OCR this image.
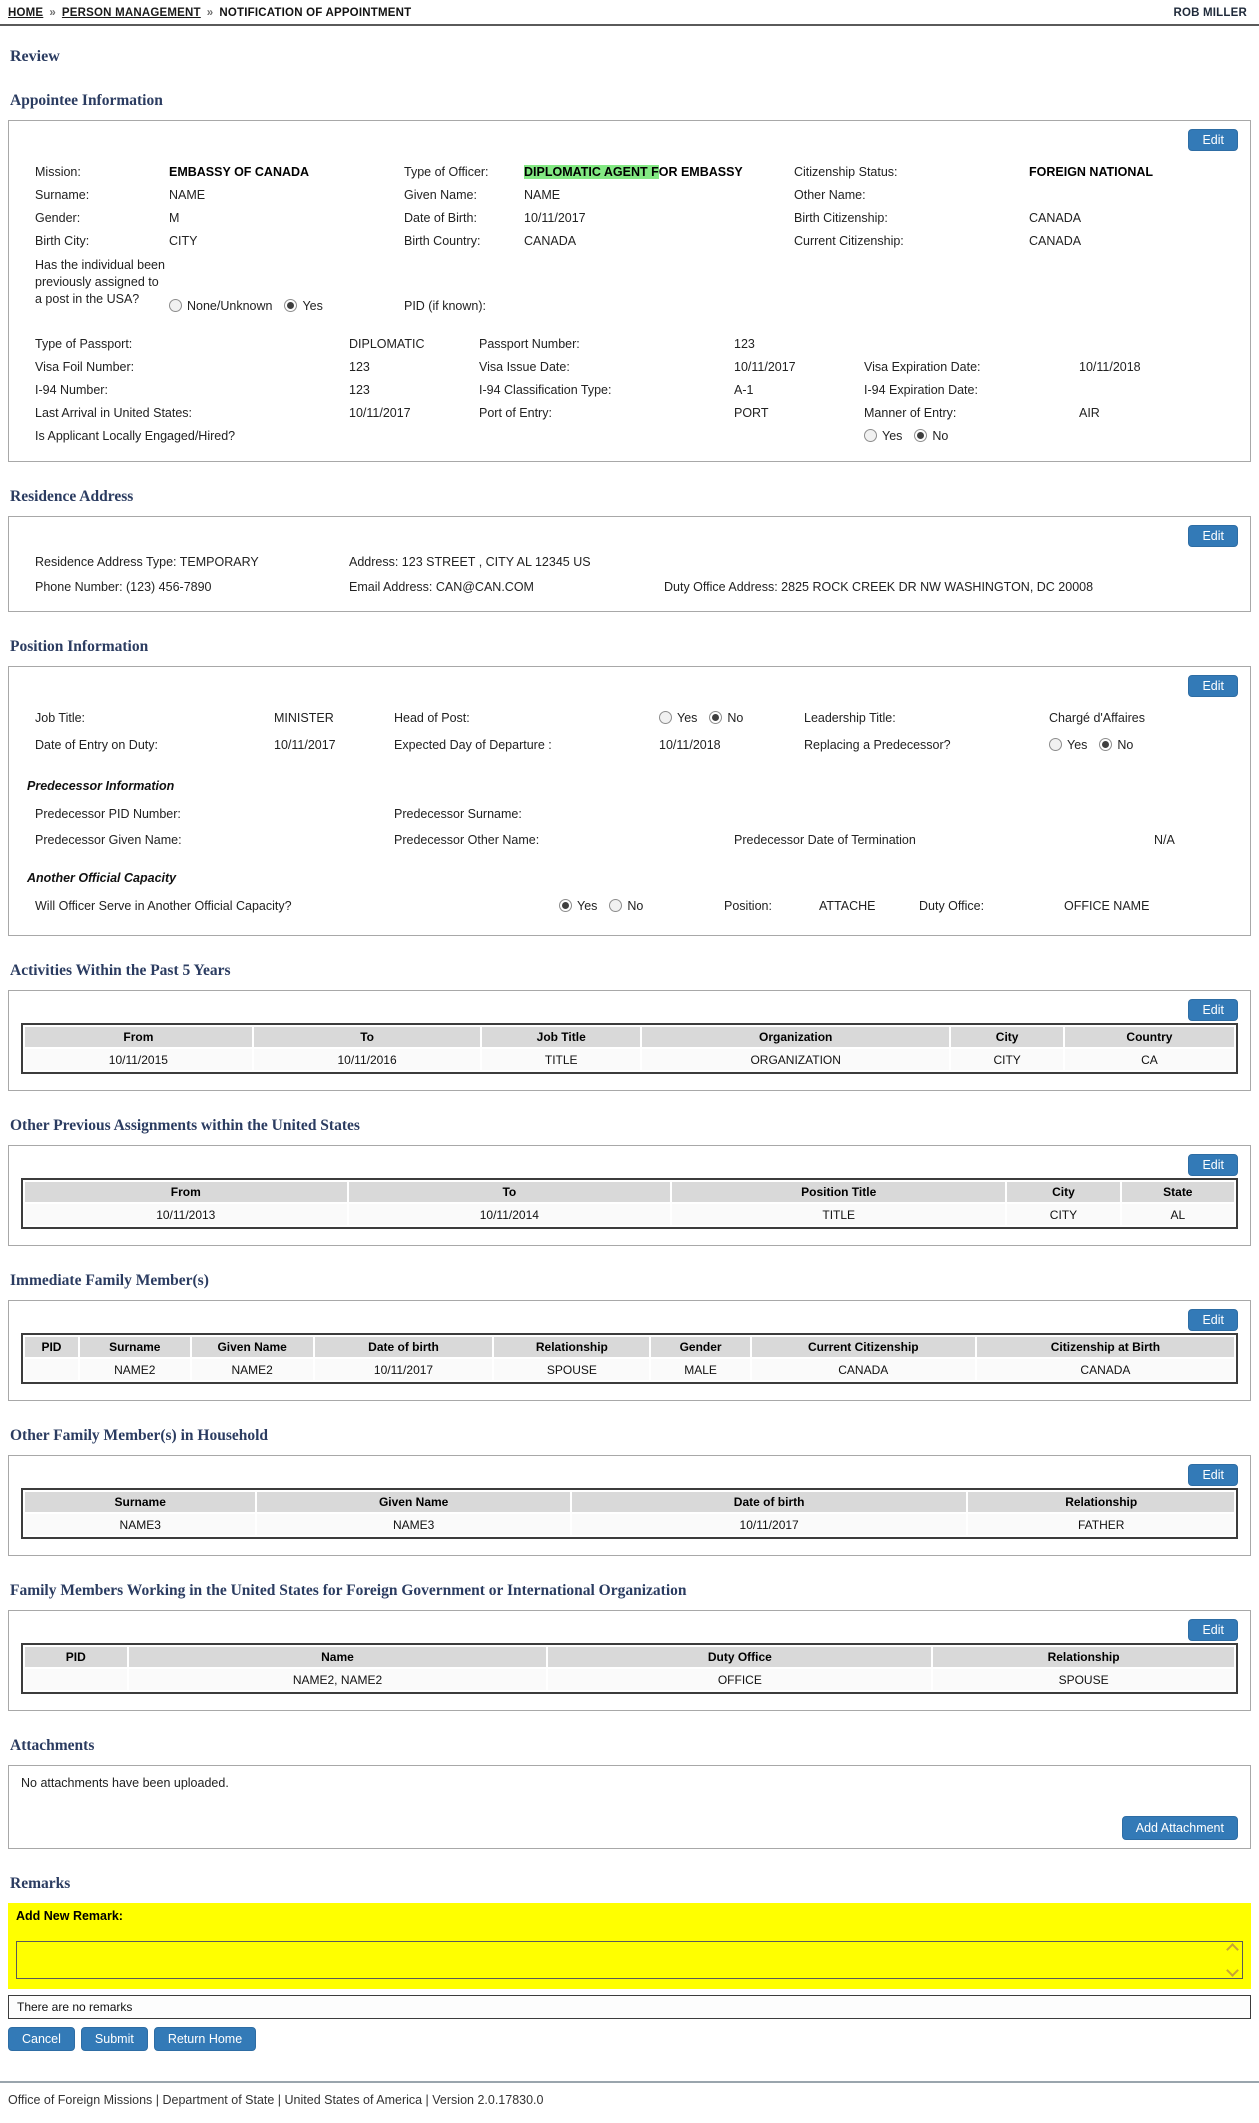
HOME » PERSON MANAGEMENT » NOTIFICATION OF APPOINTMENT	ROB MILLER
Review
Appointee Information
Edit
Mission:	EMBASSY OF CANADA	Type of Officer:	DIPLOMATIC AGENT FOR EMBASSY	Citizenship Status:	FOREIGN NATIONAL
Surname:	NAME	Given Name:	NAME	Other Name:
Gender:	M	Date of Birth:	10/11/2017	Birth Citizenship:	CANADA
Birth City:	CITY	Birth Country:	CANADA	Current Citizenship:	CANADA
Has the individual been previously assigned to a post in the USA?	None/Unknown Yes	PID (if known):
Type of Passport:	DIPLOMATIC	Passport Number:	123
Visa Foil Number:	123	Visa Issue Date:	10/11/2017	Visa Expiration Date:	10/11/2018
I-94 Number:	123	I-94 Classification Type:	A-1	I-94 Expiration Date:
Last Arrival in United States:	10/11/2017	Port of Entry:	PORT	Manner of Entry:	AIR
Is Applicant Locally Engaged/Hired?	Yes No
Residence Address
Edit
Residence Address Type: TEMPORARY	Address: 123 STREET , CITY AL 12345 US
Phone Number: (123) 456-7890	Email Address: CAN@CAN.COM	Duty Office Address: 2825 ROCK CREEK DR NW WASHINGTON, DC 20008
Position Information
Edit
Job Title:	MINISTER	Head of Post:	Yes No	Leadership Title:	Chargé d'Affaires
Date of Entry on Duty:	10/11/2017	Expected Day of Departure :	10/11/2018	Replacing a Predecessor?	Yes No
Predecessor Information
Predecessor PID Number:	Predecessor Surname:
Predecessor Given Name:	Predecessor Other Name:	Predecessor Date of Termination	N/A
Another Official Capacity
Will Officer Serve in Another Official Capacity?	Yes No	Position:	ATTACHE	Duty Office:	OFFICE NAME
Activities Within the Past 5 Years
Edit
From	To	Job Title	Organization	City	Country
10/11/2015	10/11/2016	TITLE	ORGANIZATION	CITY	CA
Other Previous Assignments within the United States
Edit
From	To	Position Title	City	State
10/11/2013	10/11/2014	TITLE	CITY	AL
Immediate Family Member(s)
Edit
PID	Surname	Given Name	Date of birth	Relationship	Gender	Current Citizenship	Citizenship at Birth
	NAME2	NAME2	10/11/2017	SPOUSE	MALE	CANADA	CANADA
Other Family Member(s) in Household
Edit
Surname	Given Name	Date of birth	Relationship
NAME3	NAME3	10/11/2017	FATHER
Family Members Working in the United States for Foreign Government or International Organization
Edit
PID	Name	Duty Office	Relationship
	NAME2, NAME2	OFFICE	SPOUSE
Attachments
No attachments have been uploaded.
Add Attachment
Remarks
Add New Remark:
There are no remarks
Cancel	Submit	Return Home
Office of Foreign Missions | Department of State | United States of America | Version 2.0.17830.0
